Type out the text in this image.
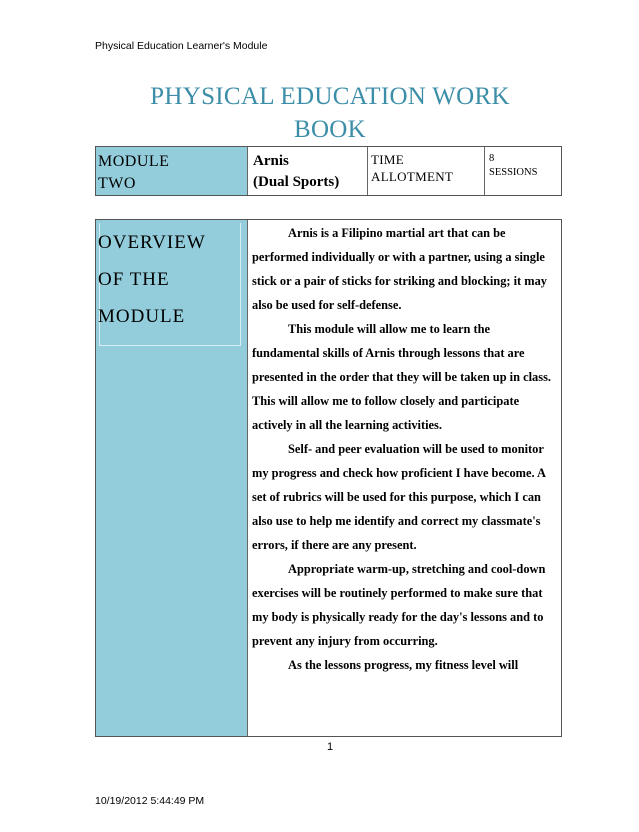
Physical Education Learner's Module
PHYSICAL EDUCATION WORK
BOOK
MODULE
TWO
Arnis
(Dual Sports)
TIME
ALLOTMENT
8
SESSIONS
OVERVIEW
OF THE
MODULE

Arnis is a Filipino martial art that can be performed individually or with a partner, using a single stick or a pair of sticks for striking and blocking; it may also be used for self-defense.

This module will allow me to learn the fundamental skills of Arnis through lessons that are presented in the order that they will be taken up in class. This will allow me to follow closely and participate actively in all the learning activities.

Self- and peer evaluation will be used to monitor my progress and check how proficient I have become. A set of rubrics will be used for this purpose, which I can also use to help me identify and correct my classmate's errors, if there are any present.

Appropriate warm-up, stretching and cool-down exercises will be routinely performed to make sure that my body is physically ready for the day's lessons and to prevent any injury from occurring.

As the lessons progress, my fitness level will

1
10/19/2012 5:44:49 PM
